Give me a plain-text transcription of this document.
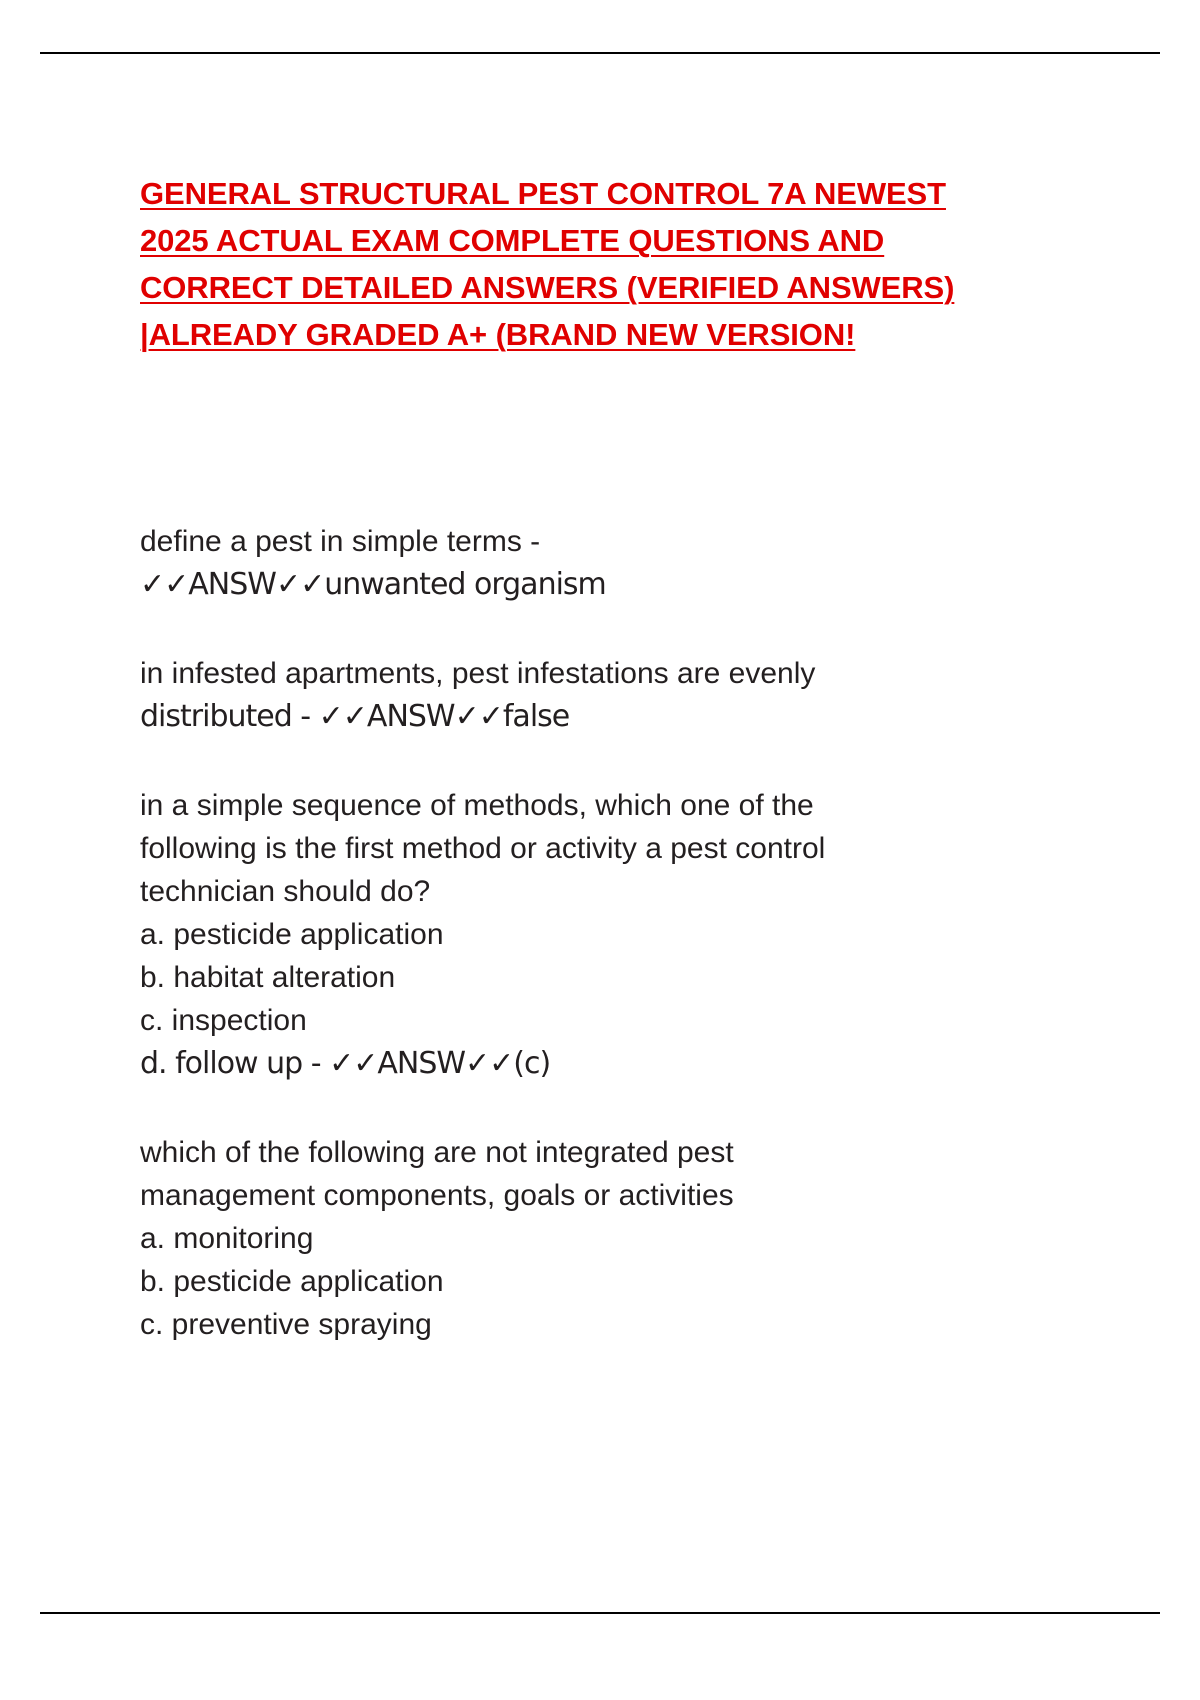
GENERAL STRUCTURAL PEST CONTROL 7A NEWEST
2025 ACTUAL EXAM COMPLETE QUESTIONS AND
CORRECT DETAILED ANSWERS (VERIFIED ANSWERS)
|ALREADY GRADED A+ (BRAND NEW VERSION!

define a pest in simple terms -
✓✓ANSW✓✓unwanted organism

in infested apartments, pest infestations are evenly
distributed - ✓✓ANSW✓✓false

in a simple sequence of methods, which one of the
following is the first method or activity a pest control
technician should do?
a. pesticide application
b. habitat alteration
c. inspection
d. follow up - ✓✓ANSW✓✓(c)

which of the following are not integrated pest
management components, goals or activities
a. monitoring
b. pesticide application
c. preventive spraying
